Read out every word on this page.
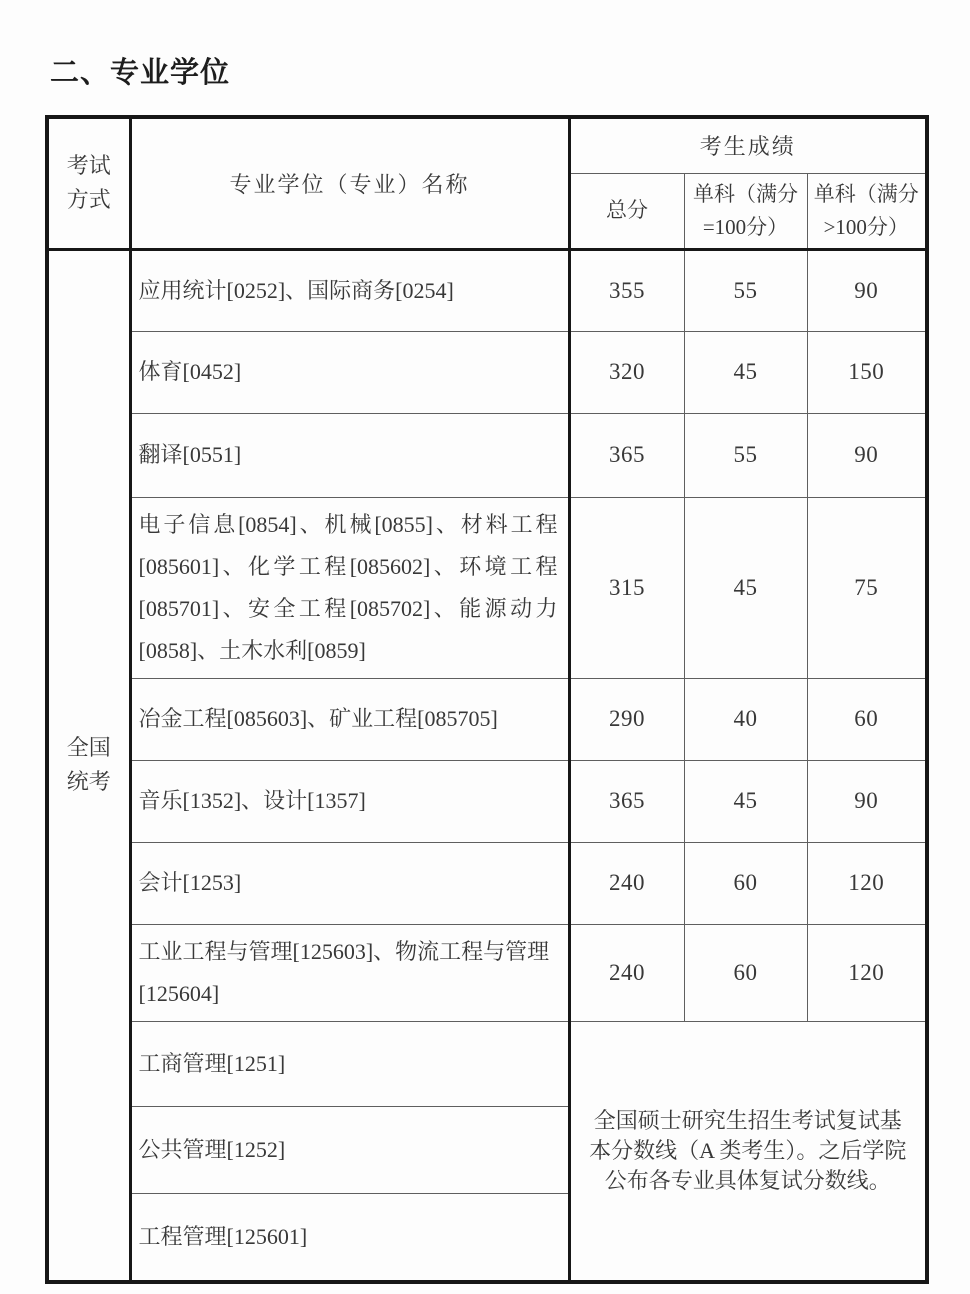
二、专业学位
考试方式	专业学位（专业）名称	考生成绩		
		总分	单科（满分=100分）	单科（满分>100分）
全国统考	应用统计[0252]、国际商务[0254]	355	55	90
	体育[0452]	320	45	150
	翻译[0551]	365	55	90
	电子信息[0854]、机械[0855]、材料工程[085601]、化学工程[085602]、环境工程[085701]、安全工程[085702]、能源动力[0858]、土木水利[0859]	315	45	75
	冶金工程[085603]、矿业工程[085705]	290	40	60
	音乐[1352]、设计[1357]	365	45	90
	会计[1253]	240	60	120
	工业工程与管理[125603]、物流工程与管理[125604]	240	60	120
	工商管理[1251]	全国硕士研究生招生考试复试基本分数线（A 类考生）。之后学院公布各专业具体复试分数线。		
	公共管理[1252]			
	工程管理[125601]			
